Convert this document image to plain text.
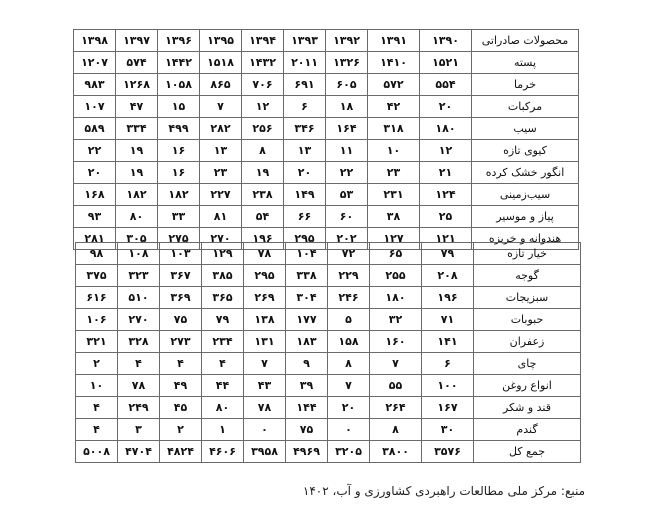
محصولات صادراتی	۱۳۹۰	۱۳۹۱	۱۳۹۲	۱۳۹۳	۱۳۹۴	۱۳۹۵	۱۳۹۶	۱۳۹۷	۱۳۹۸
پسته	۱۵۲۱	۱۴۱۰	۱۳۲۶	۲۰۱۱	۱۴۳۲	۱۵۱۸	۱۴۴۲	۵۷۴	۱۲۰۷
خرما	۵۵۴	۵۷۲	۶۰۵	۶۹۱	۷۰۶	۸۶۵	۱۰۵۸	۱۲۶۸	۹۸۳
مرکبات	۲۰	۴۲	۱۸	۶	۱۲	۷	۱۵	۴۷	۱۰۷
سیب	۱۸۰	۳۱۸	۱۶۴	۳۴۶	۲۵۶	۲۸۲	۴۹۹	۳۳۴	۵۸۹
کیوی تازه	۱۲	۱۰	۱۱	۱۳	۸	۱۳	۱۶	۱۹	۲۲
انگور خشک کرده	۲۱	۲۳	۲۲	۲۰	۱۹	۲۳	۱۶	۱۹	۲۰
سیب‌زمینی	۱۲۴	۲۳۱	۵۳	۱۴۹	۲۳۸	۲۲۷	۱۸۲	۱۸۲	۱۶۸
پیاز و موسیر	۲۵	۳۸	۶۰	۶۶	۵۴	۸۱	۳۳	۸۰	۹۳
هندوانه و خربزه	۱۲۱	۱۲۷	۲۰۲	۲۹۵	۱۹۶	۲۷۰	۲۷۵	۳۰۵	۲۸۱
خیار تازه	۷۹	۶۵	۷۲	۱۰۴	۷۸	۱۲۹	۱۰۳	۱۰۸	۹۸
گوجه	۲۰۸	۲۵۵	۲۲۹	۳۳۸	۲۹۵	۳۸۵	۳۶۷	۳۲۳	۳۷۵
سبزیجات	۱۹۶	۱۸۰	۲۴۶	۳۰۴	۲۶۹	۳۶۵	۳۶۹	۵۱۰	۶۱۶
حبوبات	۷۱	۳۲	۵	۱۷۷	۱۳۸	۷۹	۷۵	۲۷۰	۱۰۶
زعفران	۱۴۱	۱۶۰	۱۵۸	۱۸۳	۱۳۱	۲۳۴	۲۷۳	۳۲۸	۳۲۱
چای	۶	۷	۸	۹	۷	۴	۴	۴	۲
انواع روغن	۱۰۰	۵۵	۷	۳۹	۴۳	۴۴	۴۹	۷۸	۱۰
قند و شکر	۱۶۷	۲۶۴	۲۰	۱۴۴	۷۸	۸۰	۴۵	۲۴۹	۴
گندم	۳۰	۸	۰	۷۵	۰	۱	۲	۳	۴
جمع کل	۳۵۷۶	۳۸۰۰	۳۲۰۵	۴۹۶۹	۳۹۵۸	۴۶۰۶	۴۸۲۴	۴۷۰۴	۵۰۰۸
منبع: مرکز ملی مطالعات راهبردی کشاورزی و آب، ۱۴۰۲
